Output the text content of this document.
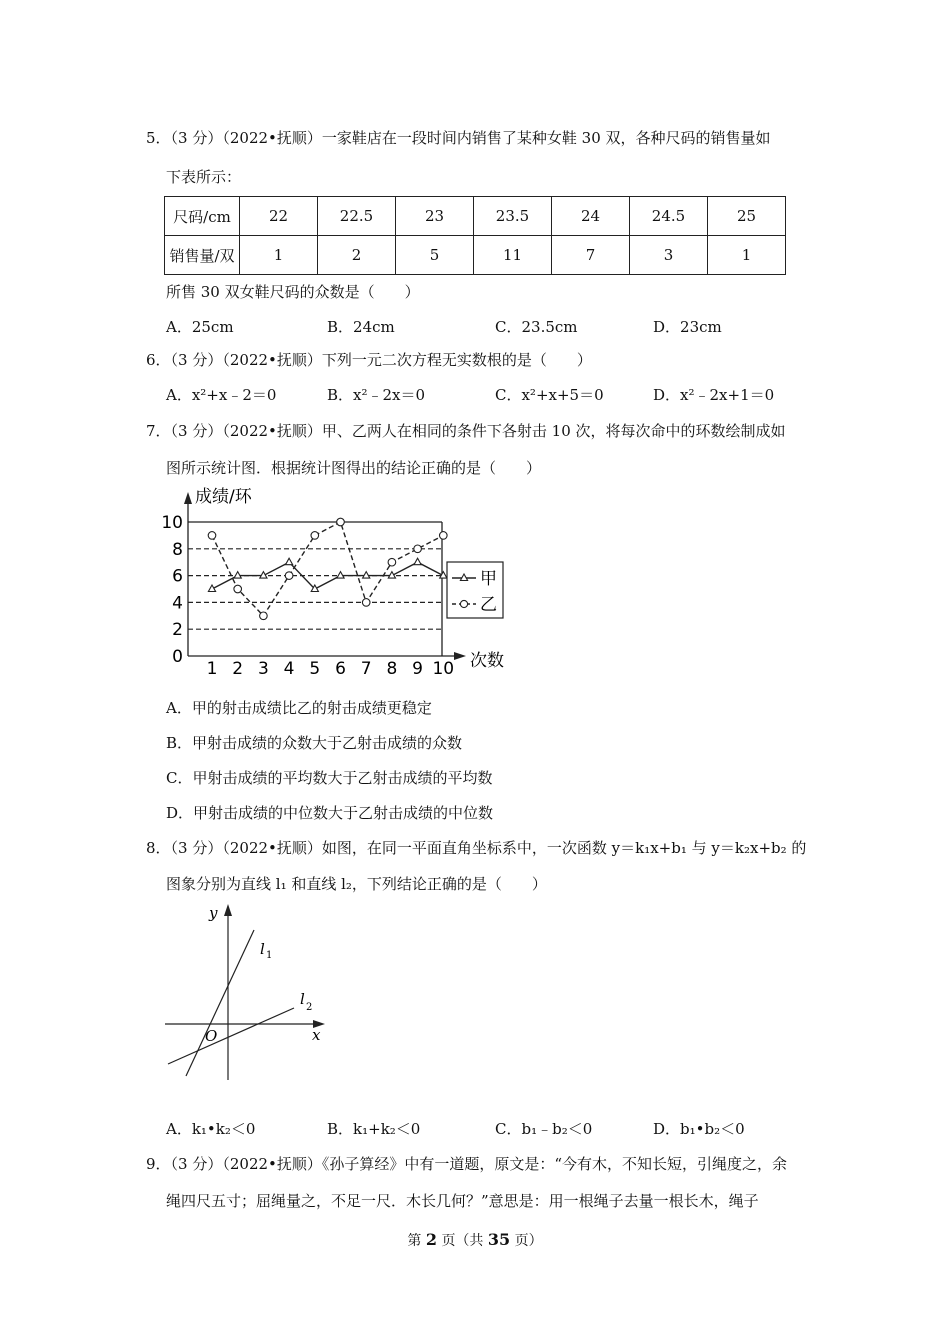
5．（3 分）（2022•抚顺）一家鞋店在一段时间内销售了某种女鞋 30 双，各种尺码的销售量如
下表所示：
尺码/cm	22	22.5	23	23.5	24	24.5	25
销售量/双	1	2	5	11	7	3	1
所售 30 双女鞋尺码的众数是（　　）
A．25cm	B．24cm	C．23.5cm	D．23cm
6．（3 分）（2022•抚顺）下列一元二次方程无实数根的是（　　）
A．x²+x﹣2＝0	B．x²﹣2x＝0	C．x²+x+5＝0	D．x²﹣2x+1＝0
7．（3 分）（2022•抚顺）甲、乙两人在相同的条件下各射击 10 次，将每次命中的环数绘制成如
图所示统计图．根据统计图得出的结论正确的是（　　）
0
2
4
6
8
10
1 2 3 4 5 6 7 8 9 10
成绩/环
次数
甲
乙
A．甲的射击成绩比乙的射击成绩更稳定
B．甲射击成绩的众数大于乙射击成绩的众数
C．甲射击成绩的平均数大于乙射击成绩的平均数
D．甲射击成绩的中位数大于乙射击成绩的中位数
8．（3 分）（2022•抚顺）如图，在同一平面直角坐标系中，一次函数 y＝k₁x+b₁ 与 y＝k₂x+b₂ 的
图象分别为直线 l₁ 和直线 l₂，下列结论正确的是（　　）
y
x
O
l 1
l 2
A．k₁•k₂＜0	B．k₁+k₂＜0	C．b₁﹣b₂＜0	D．b₁•b₂＜0
9．（3 分）（2022•抚顺）《孙子算经》中有一道题，原文是：“今有木，不知长短，引绳度之，余
绳四尺五寸；屈绳量之，不足一尺．木长几何？”意思是：用一根绳子去量一根长木，绳子
第 2 页（共 35 页）
